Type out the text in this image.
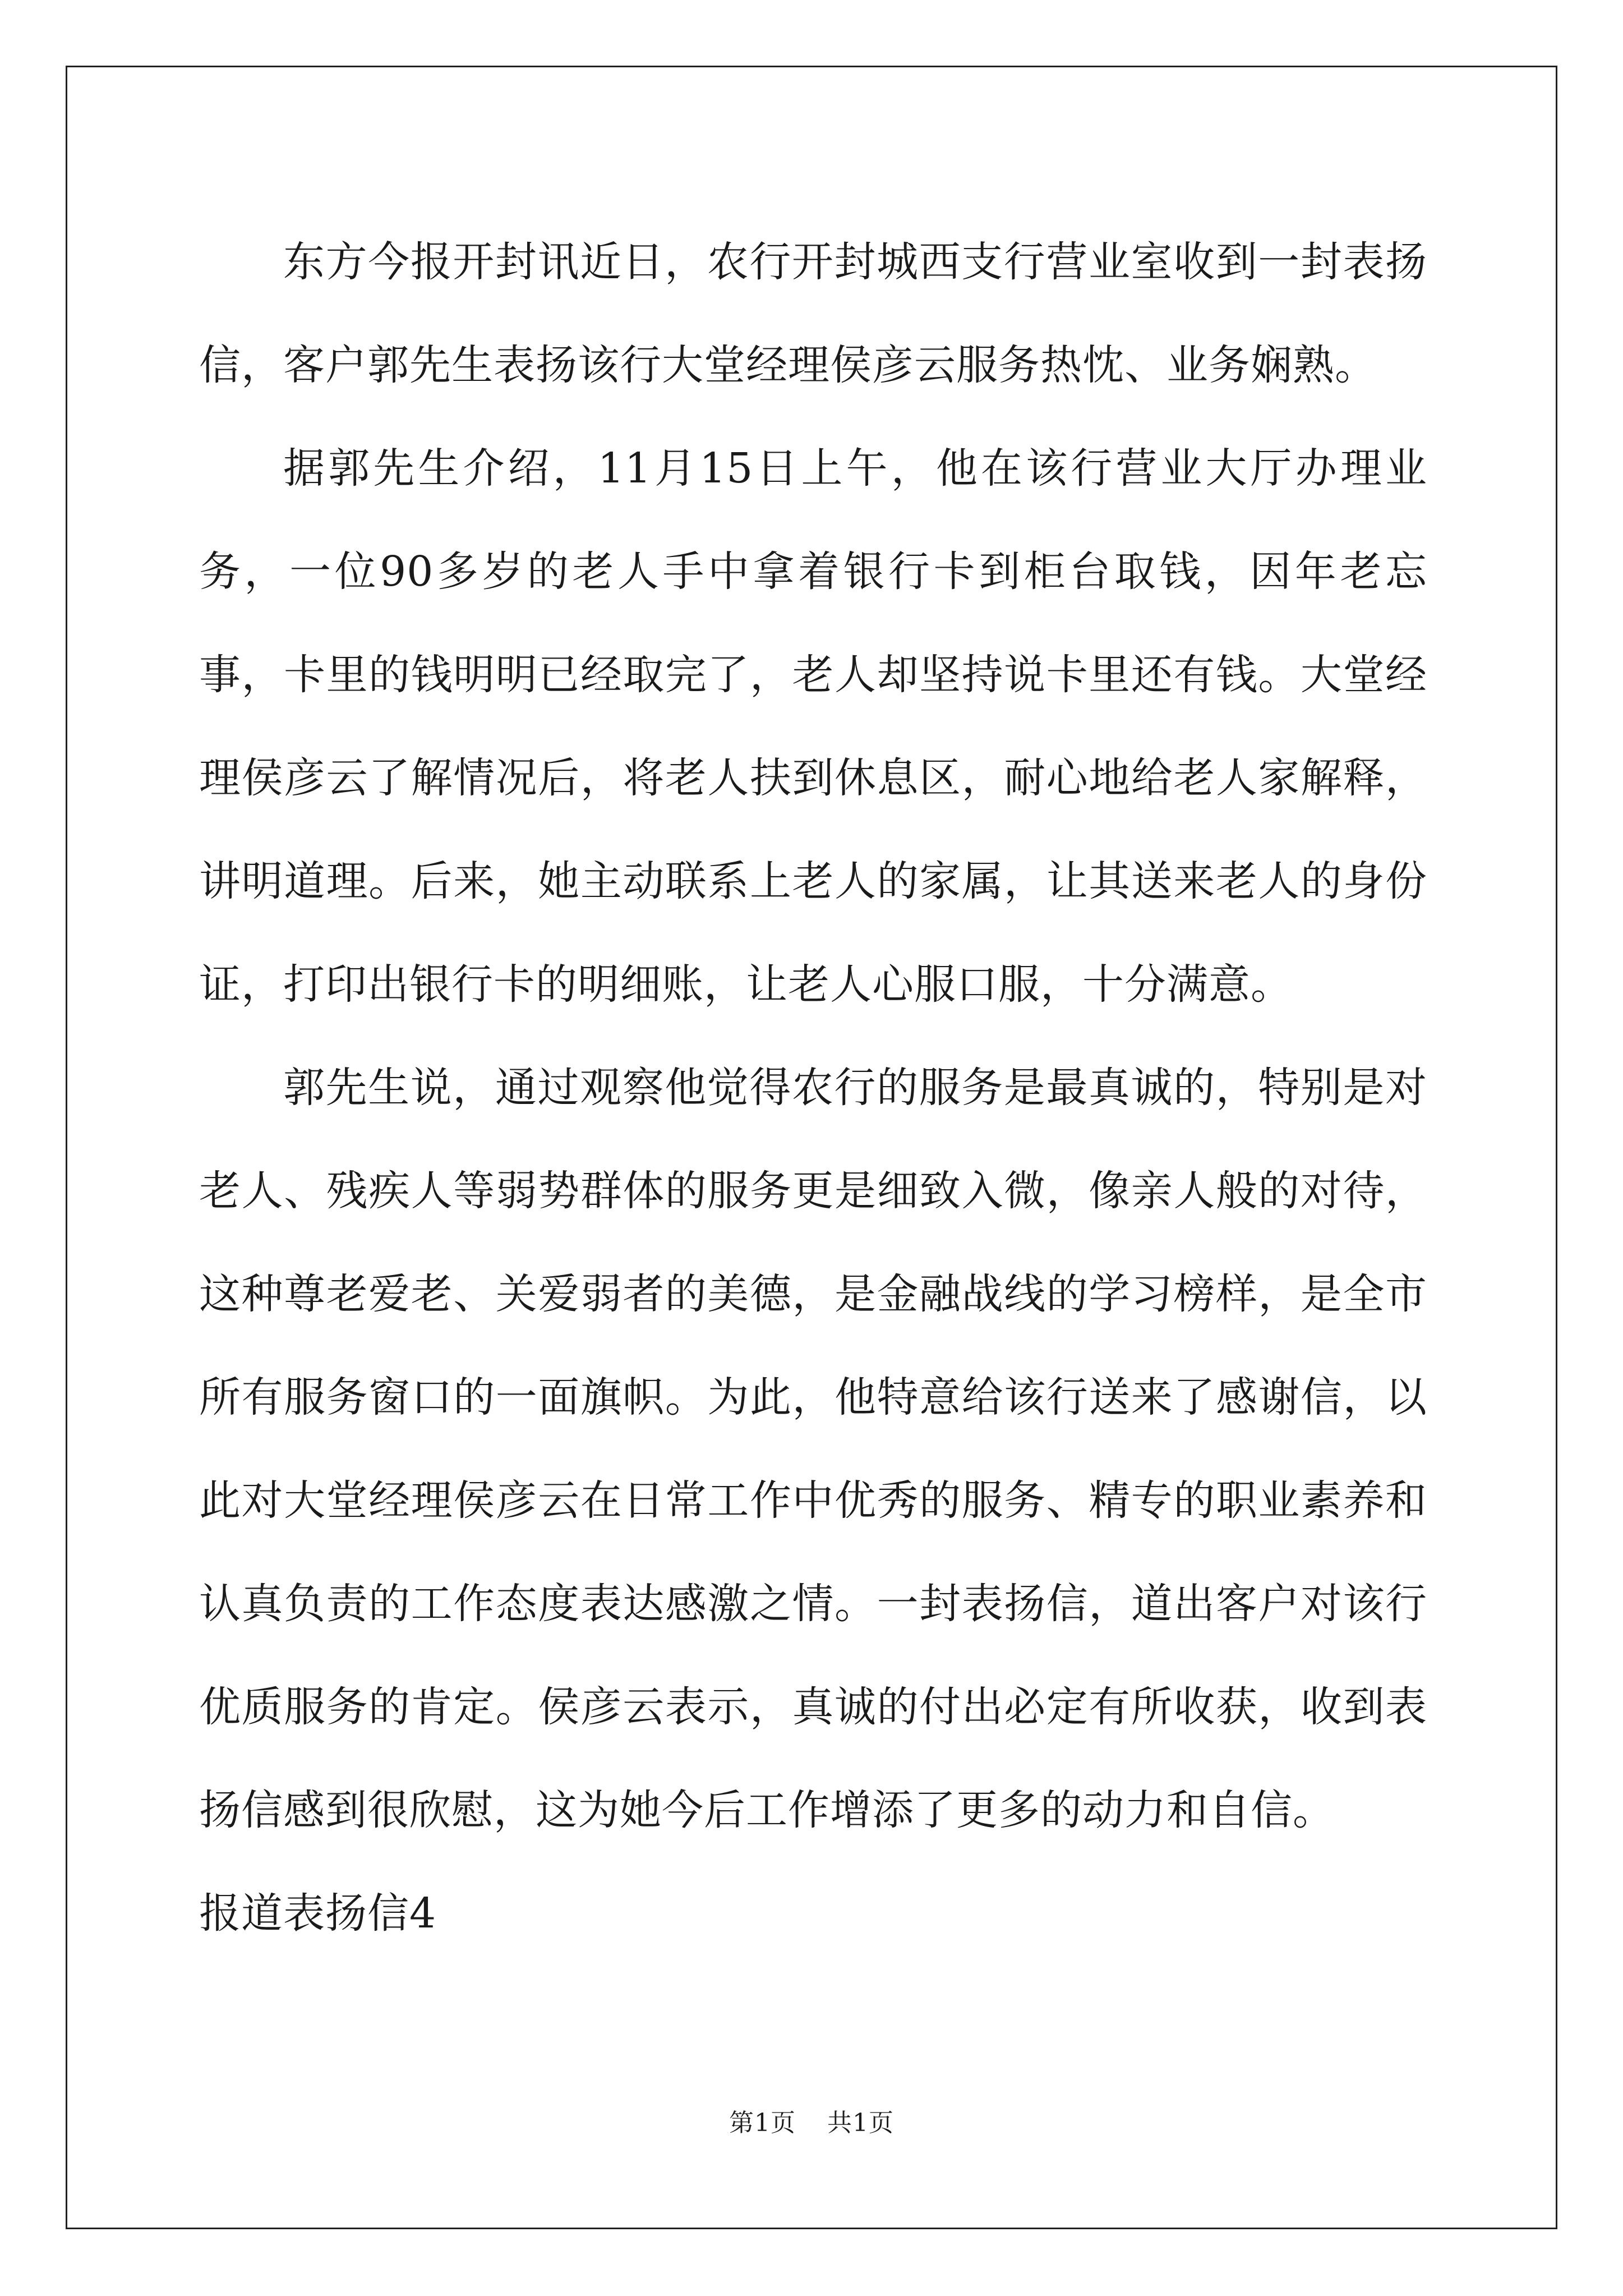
东方今报开封讯近日，农行开封城西支行营业室收到一封表扬信，客户郭先生表扬该行大堂经理侯彦云服务热忱、业务娴熟。

据郭先生介绍，11月15日上午，他在该行营业大厅办理业务，一位90多岁的老人手中拿着银行卡到柜台取钱，因年老忘事，卡里的钱明明已经取完了，老人却坚持说卡里还有钱。大堂经理侯彦云了解情况后，将老人扶到休息区，耐心地给老人家解释，讲明道理。后来，她主动联系上老人的家属，让其送来老人的身份证，打印出银行卡的明细账，让老人心服口服，十分满意。

郭先生说，通过观察他觉得农行的服务是最真诚的，特别是对老人、残疾人等弱势群体的服务更是细致入微，像亲人般的对待，这种尊老爱老、关爱弱者的美德，是金融战线的学习榜样，是全市所有服务窗口的一面旗帜。为此，他特意给该行送来了感谢信，以此对大堂经理侯彦云在日常工作中优秀的服务、精专的职业素养和认真负责的工作态度表达感激之情。一封表扬信，道出客户对该行优质服务的肯定。侯彦云表示，真诚的付出必定有所收获，收到表扬信感到很欣慰，这为她今后工作增添了更多的动力和自信。

报道表扬信4

第1页 共1页
